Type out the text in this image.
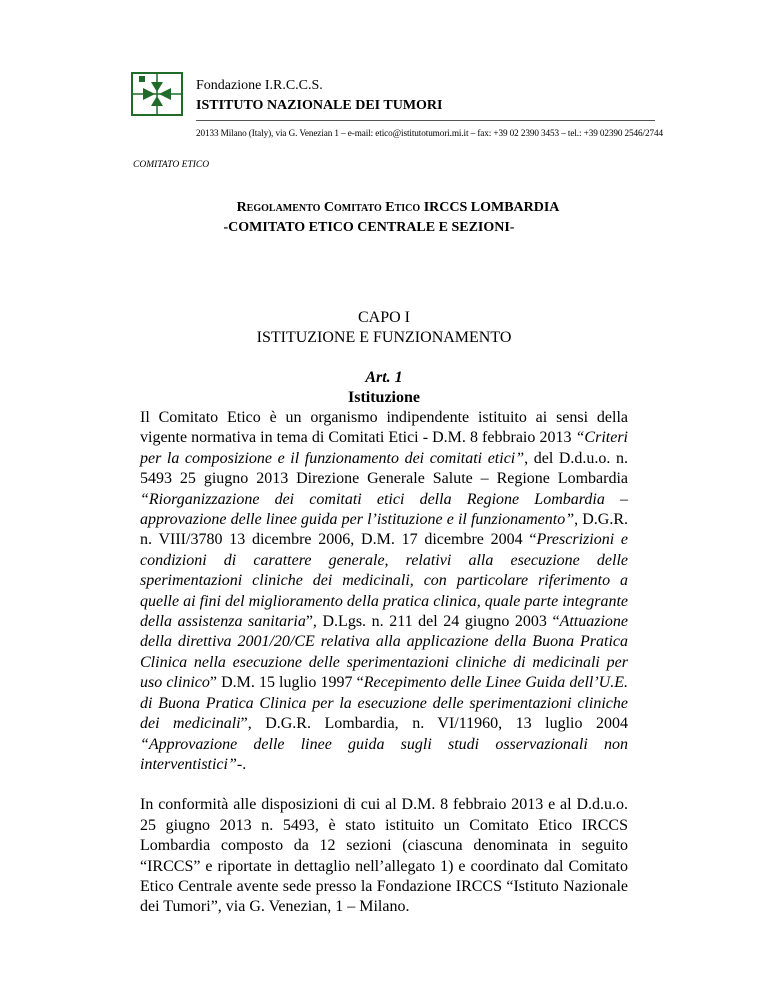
Fondazione I.R.C.C.S.
ISTITUTO NAZIONALE DEI TUMORI
20133 Milano (Italy), via G. Venezian 1 – e-mail: etico@istitutotumori.mi.it – fax: +39 02 2390 3453 – tel.: +39 02390 2546/2744
COMITATO ETICO
Regolamento Comitato Etico IRCCS LOMBARDIA
-COMITATO ETICO CENTRALE E SEZIONI-
CAPO I
ISTITUZIONE E FUNZIONAMENTO
Art. 1
Istituzione

Il Comitato Etico è un organismo indipendente istituito ai sensi della vigente normativa in tema di Comitati Etici - D.M. 8 febbraio 2013 “Criteri per la composizione e il funzionamento dei comitati etici”, del D.d.u.o. n. 5493 25 giugno 2013 Direzione Generale Salute – Regione Lombardia “Riorganizzazione dei comitati etici della Regione Lombardia – approvazione delle linee guida per l’istituzione e il funzionamento”, D.G.R. n. VIII/3780 13 dicembre 2006, D.M. 17 dicembre 2004 “Prescrizioni e condizioni di carattere generale, relativi alla esecuzione delle sperimentazioni cliniche dei medicinali, con particolare riferimento a quelle ai fini del miglioramento della pratica clinica, quale parte integrante della assistenza sanitaria”, D.Lgs. n. 211 del 24 giugno 2003 “Attuazione della direttiva 2001/20/CE relativa alla applicazione della Buona Pratica Clinica nella esecuzione delle sperimentazioni cliniche di medicinali per uso clinico” D.M. 15 luglio 1997 “Recepimento delle Linee Guida dell’U.E. di Buona Pratica Clinica per la esecuzione delle sperimentazioni cliniche dei medicinali”, D.G.R. Lombardia, n. VI/11960, 13 luglio 2004 “Approvazione delle linee guida sugli studi osservazionali non interventistici”-.

In conformità alle disposizioni di cui al D.M. 8 febbraio 2013 e al D.d.u.o. 25 giugno 2013 n. 5493, è stato istituito un Comitato Etico IRCCS Lombardia composto da 12 sezioni (ciascuna denominata in seguito “IRCCS” e riportate in dettaglio nell’allegato 1) e coordinato dal Comitato Etico Centrale avente sede presso la Fondazione IRCCS “Istituto Nazionale dei Tumori”, via G. Venezian, 1 – Milano.
